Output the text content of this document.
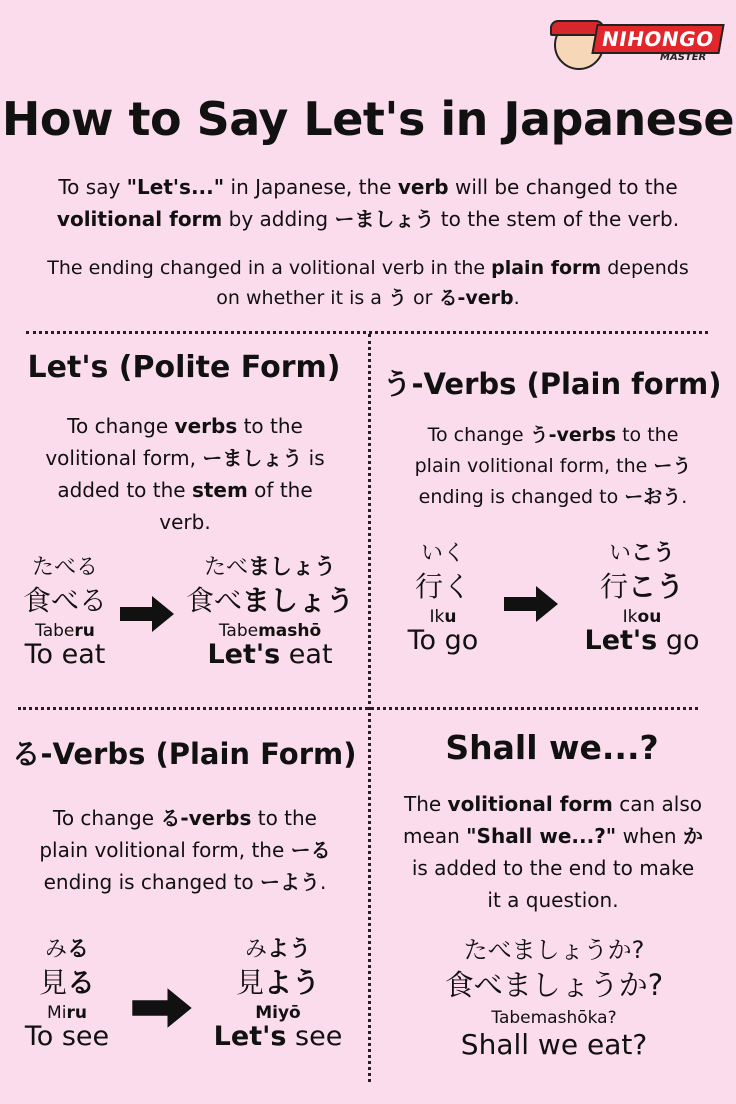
NIHONGO
MASTER
How to Say Let's in Japanese
To say "Let's..." in Japanese, the verb will be changed to the
volitional form by adding ーましょう to the stem of the verb.
The ending changed in a volitional verb in the plain form depends
on whether it is a う or る-verb.
Let's (Polite Form)
To change verbs to the
volitional form, ーましょう is
added to the stem of the
verb.
たべる
食べる
Taberu
To eat
たべましょう
食べましょう
Tabemashō
Let's eat
う-Verbs (Plain form)
To change う-verbs to the
plain volitional form, the ーう
ending is changed to ーおう.
いく
行く
Iku
To go
いこう
行こう
Ikou
Let's go
る-Verbs (Plain Form)
To change る-verbs to the
plain volitional form, the ーる
ending is changed to ーよう.
みる
見る
Miru
To see
みよう
見よう
Miyō
Let's see
Shall we...?
The volitional form can also
mean "Shall we...?" when か
is added to the end to make
it a question.
たべましょうか?
食べましょうか?
Tabemashōka?
Shall we eat?
